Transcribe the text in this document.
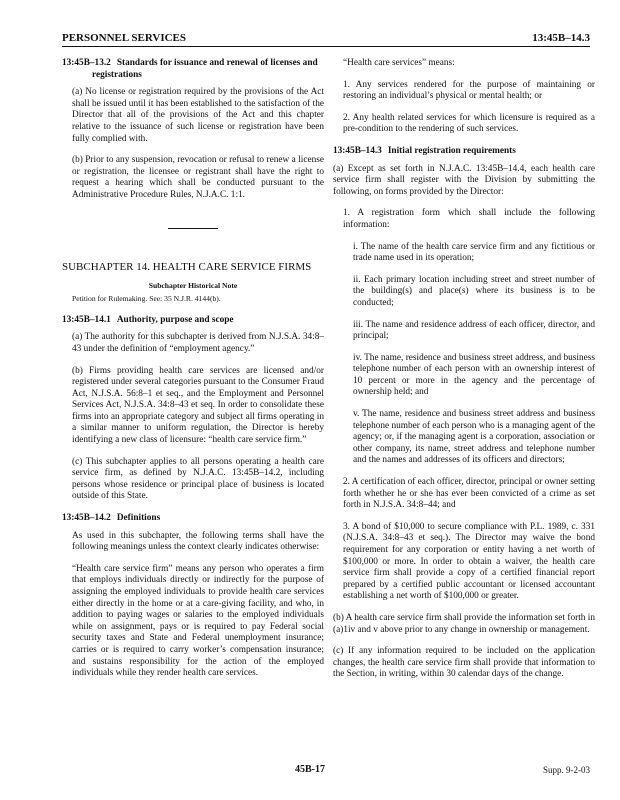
PERSONNEL SERVICES	13:45B–14.3
13:45B–13.2 Standards for issuance and renewal of licenses and registrations

(a) No license or registration required by the provisions of the Act shall be issued until it has been established to the satisfaction of the Director that all of the provisions of the Act and this chapter relative to the issuance of such license or registration have been fully complied with.

(b) Prior to any suspension, revocation or refusal to renew a license or registration, the licensee or registrant shall have the right to request a hearing which shall be conducted pursuant to the Administrative Procedure Rules, N.J.A.C. 1:1.

SUBCHAPTER 14. HEALTH CARE SERVICE FIRMS
Subchapter Historical Note
Petition for Rulemaking. See: 35 N.J.R. 4144(b).
13:45B–14.1 Authority, purpose and scope

(a) The authority for this subchapter is derived from N.J.S.A. 34:8–43 under the definition of “employment agency.”

(b) Firms providing health care services are licensed and/or registered under several categories pursuant to the Consumer Fraud Act, N.J.S.A. 56:8–1 et seq., and the Employment and Personnel Services Act, N.J.S.A. 34:8–43 et seq. In order to consolidate these firms into an appropriate category and subject all firms operating in a similar manner to uniform regulation, the Director is hereby identifying a new class of licensure: “health care service firm.”

(c) This subchapter applies to all persons operating a health care service firm, as defined by N.J.A.C. 13:45B–14.2, including persons whose residence or principal place of business is located outside of this State.

13:45B–14.2 Definitions

As used in this subchapter, the following terms shall have the following meanings unless the context clearly indicates otherwise:

“Health care service firm” means any person who operates a firm that employs individuals directly or indirectly for the purpose of assigning the employed individuals to provide health care services either directly in the home or at a care-giving facility, and who, in addition to paying wages or salaries to the employed individuals while on assignment, pays or is required to pay Federal social security taxes and State and Federal unemployment insurance; carries or is required to carry worker’s compensation insurance; and sustains responsibility for the action of the employed individuals while they render health care services.

“Health care services” means:

1. Any services rendered for the purpose of maintaining or restoring an individual’s physical or mental health; or

2. Any health related services for which licensure is required as a pre-condition to the rendering of such services.

13:45B–14.3 Initial registration requirements

(a) Except as set forth in N.J.A.C. 13:45B–14.4, each health care service firm shall register with the Division by submitting the following, on forms provided by the Director:

1. A registration form which shall include the following information:

i. The name of the health care service firm and any fictitious or trade name used in its operation;

ii. Each primary location including street and street number of the building(s) and place(s) where its business is to be conducted;

iii. The name and residence address of each officer, director, and principal;

iv. The name, residence and business street address, and business telephone number of each person with an ownership interest of 10 percent or more in the agency and the percentage of ownership held; and

v. The name, residence and business street address and business telephone number of each person who is a managing agent of the agency; or, if the managing agent is a corporation, association or other company, its name, street address and telephone number and the names and addresses of its officers and directors;

2. A certification of each officer, director, principal or owner setting forth whether he or she has ever been convicted of a crime as set forth in N.J.S.A. 34:8–44; and

3. A bond of $10,000 to secure compliance with P.L. 1989, c. 331 (N.J.S.A. 34:8–43 et seq.). The Director may waive the bond requirement for any corporation or entity having a net worth of $100,000 or more. In order to obtain a waiver, the health care service firm shall provide a copy of a certified financial report prepared by a certified public accountant or licensed accountant establishing a net worth of $100,000 or greater.

(b) A health care service firm shall provide the information set forth in (a)1iv and v above prior to any change in ownership or management.

(c) If any information required to be included on the application changes, the health care service firm shall provide that information to the Section, in writing, within 30 calendar days of the change.

45B-17	Supp. 9-2-03
